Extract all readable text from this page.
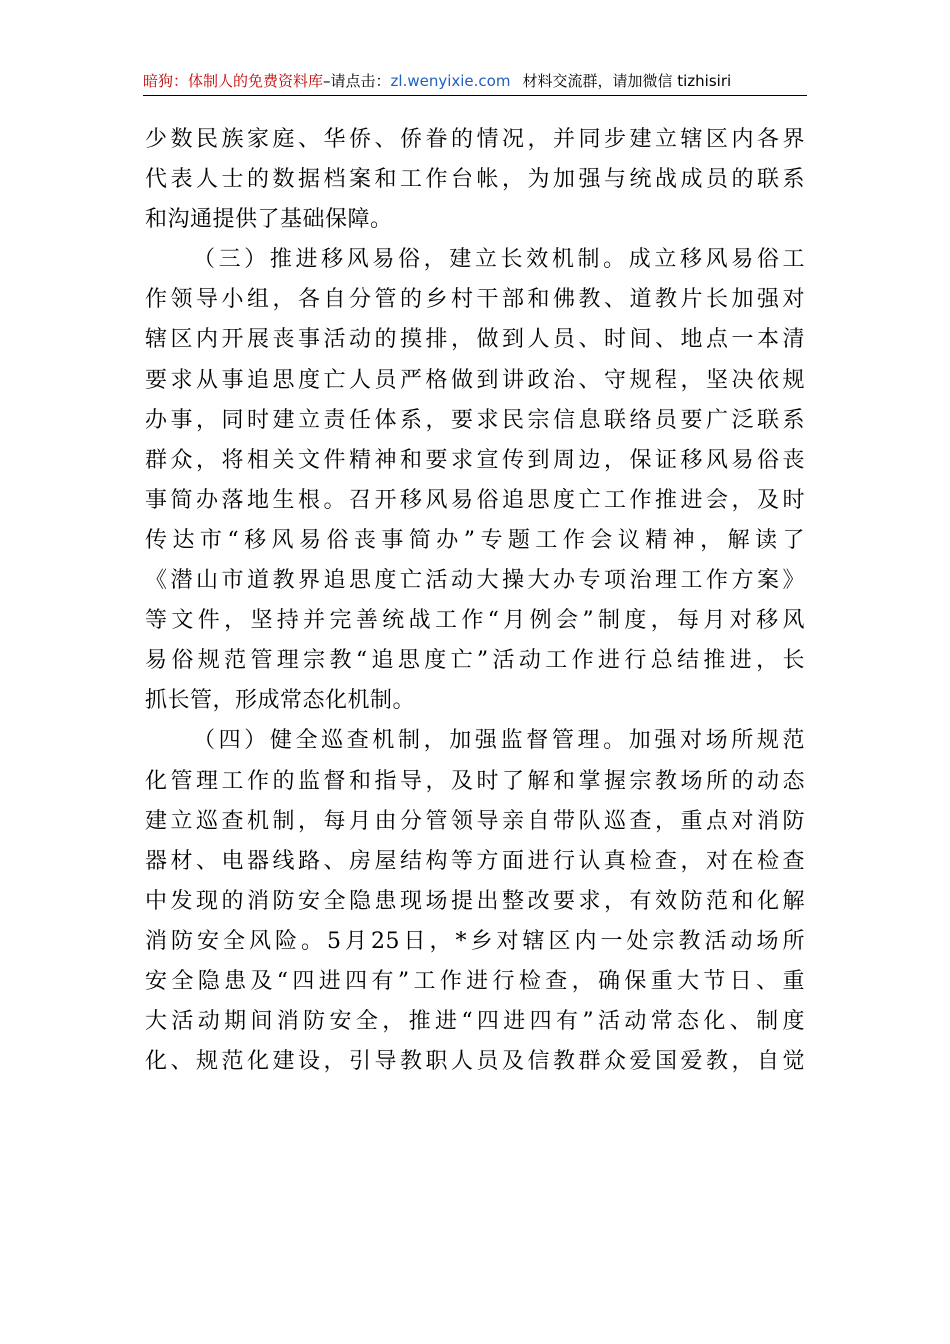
暗狗：体制人的免费资料库–请点击：zl.wenyixie.com 材料交流群，请加微信 tizhisiri
少数民族家庭、华侨、侨眷的情况，并同步建立辖区内各界
代表人士的数据档案和工作台帐，为加强与统战成员的联系
和沟通提供了基础保障。
（三）推进移风易俗，建立长效机制。成立移风易俗工
作领导小组，各自分管的乡村干部和佛教、道教片长加强对
辖区内开展丧事活动的摸排，做到人员、时间、地点一本清
要求从事追思度亡人员严格做到讲政治、守规程，坚决依规
办事，同时建立责任体系，要求民宗信息联络员要广泛联系
群众，将相关文件精神和要求宣传到周边，保证移风易俗丧
事简办落地生根。召开移风易俗追思度亡工作推进会，及时
传达市“移风易俗丧事简办”专题工作会议精神，解读了
《潜山市道教界追思度亡活动大操大办专项治理工作方案》
等文件，坚持并完善统战工作“月例会”制度，每月对移风
易俗规范管理宗教“追思度亡”活动工作进行总结推进，长
抓长管，形成常态化机制。
（四）健全巡查机制，加强监督管理。加强对场所规范
化管理工作的监督和指导，及时了解和掌握宗教场所的动态
建立巡查机制，每月由分管领导亲自带队巡查，重点对消防
器材、电器线路、房屋结构等方面进行认真检查，对在检查
中发现的消防安全隐患现场提出整改要求，有效防范和化解
消防安全风险。5月25日，*乡对辖区内一处宗教活动场所
安全隐患及“四进四有”工作进行检查，确保重大节日、重
大活动期间消防安全，推进“四进四有”活动常态化、制度
化、规范化建设，引导教职人员及信教群众爱国爱教，自觉
